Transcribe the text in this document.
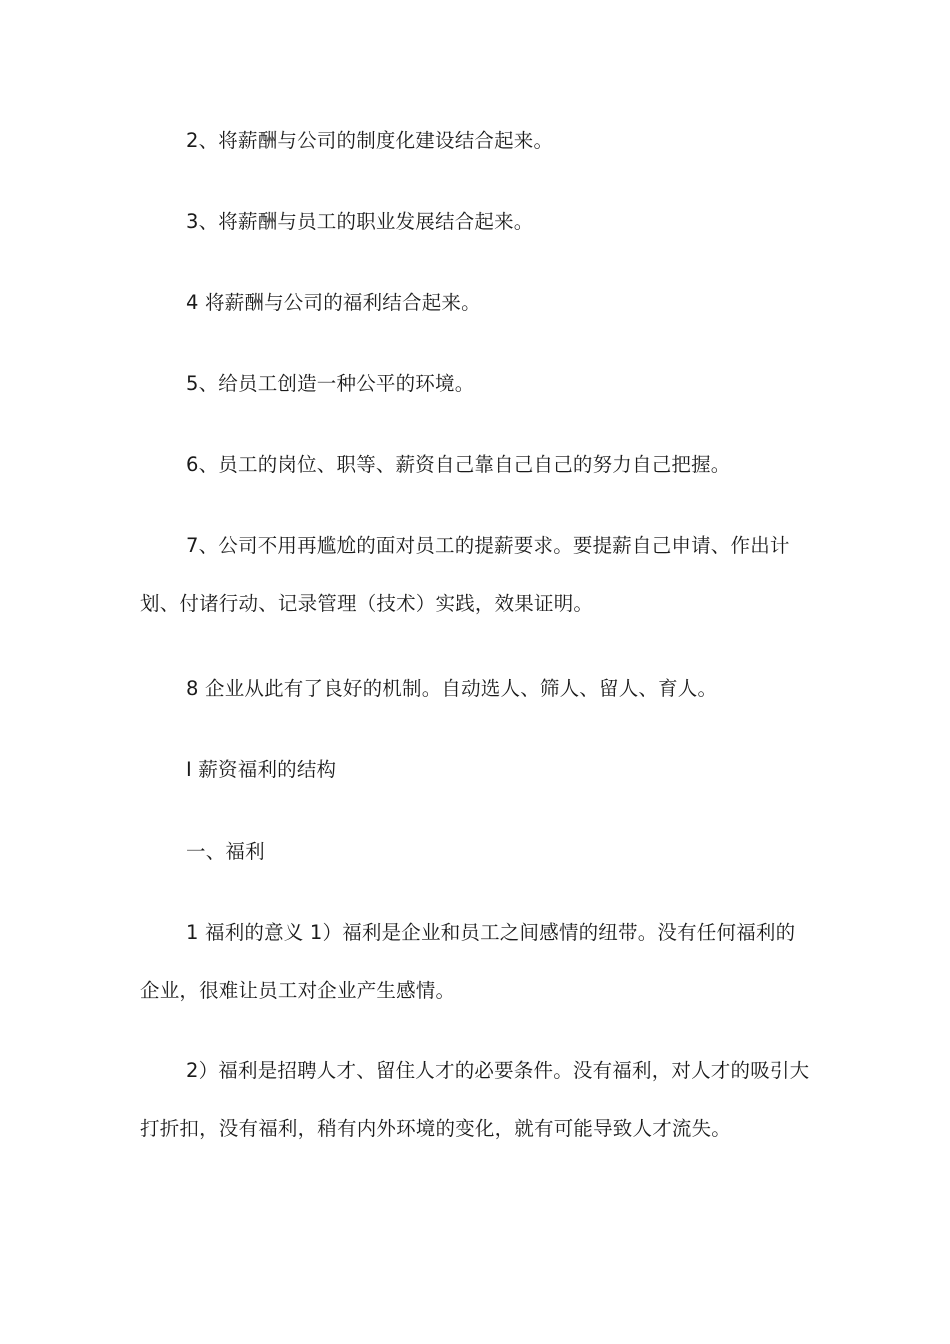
2、将薪酬与公司的制度化建设结合起来。

3、将薪酬与员工的职业发展结合起来。

4 将薪酬与公司的福利结合起来。

5、给员工创造一种公平的环境。

6、员工的岗位、职等、薪资自己靠自己自己的努力自己把握。

7、公司不用再尴尬的面对员工的提薪要求。要提薪自己申请、作出计划、付诸行动、记录管理（技术）实践，效果证明。

8 企业从此有了良好的机制。自动选人、筛人、留人、育人。

I 薪资福利的结构

一、福利

1 福利的意义 1）福利是企业和员工之间感情的纽带。没有任何福利的企业，很难让员工对企业产生感情。

2）福利是招聘人才、留住人才的必要条件。没有福利，对人才的吸引大打折扣，没有福利，稍有内外环境的变化，就有可能导致人才流失。
